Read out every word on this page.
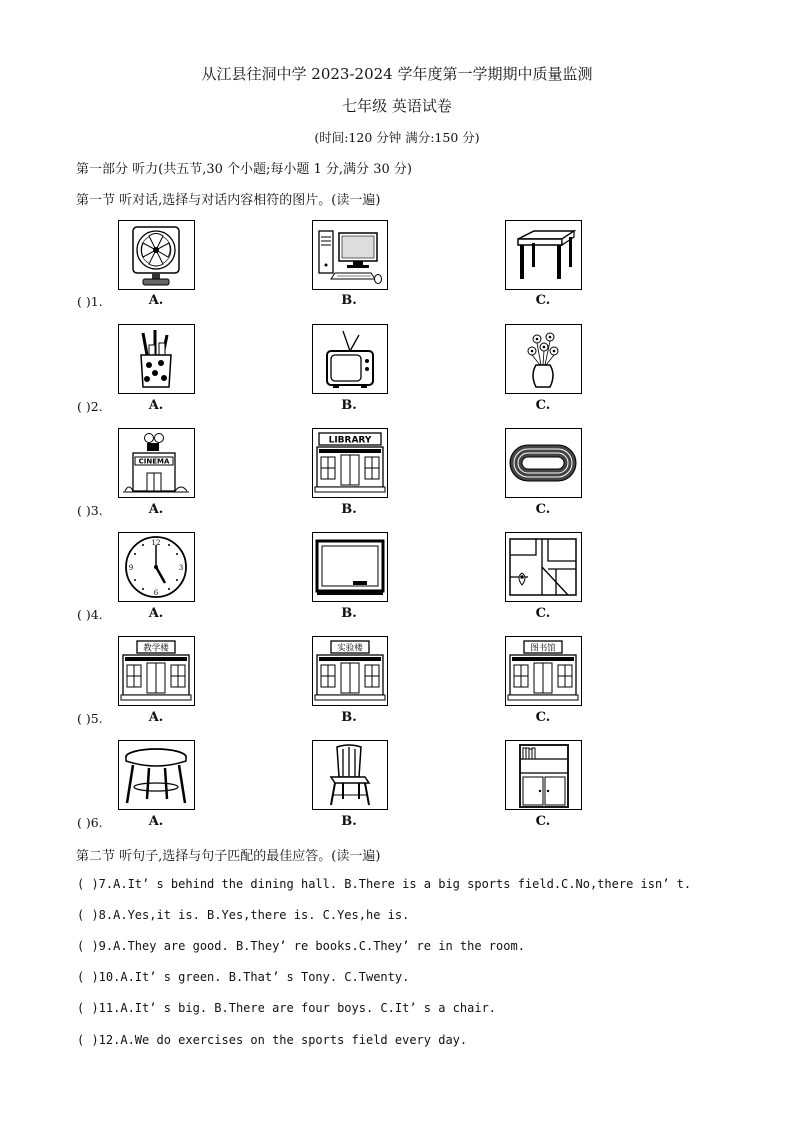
从江县往洞中学 2023-2024 学年度第一学期期中质量监测
七年级 英语试卷
(时间:120 分钟 满分:150 分)
第一部分 听力(共五节,30 个小题;每小题 1 分,满分 30 分)
第一节 听对话,选择与对话内容相符的图片。(读一遍)
( )1.	A.	B.	C.
( )2.	A.	B.	C.
CINEMA
LIBRARY
( )3.	A.	B.	C.
12
3
6
9
( )4.	A.	B.	C.
教学楼	实验楼	图书馆
( )5.	A.	B.	C.
( )6.	A.	B.	C.
第二节 听句子,选择与句子匹配的最佳应答。(读一遍)
( )7.A.It’ s behind the dining hall. B.There is a big sports field.C.No,there isn’ t.
( )8.A.Yes,it is. B.Yes,there is. C.Yes,he is.
( )9.A.They are good. B.They’ re books.C.They’ re in the room.
( )10.A.It’ s green. B.That’ s Tony. C.Twenty.
( )11.A.It’ s big. B.There are four boys. C.It’ s a chair.
( )12.A.We do exercises on the sports field every day.
